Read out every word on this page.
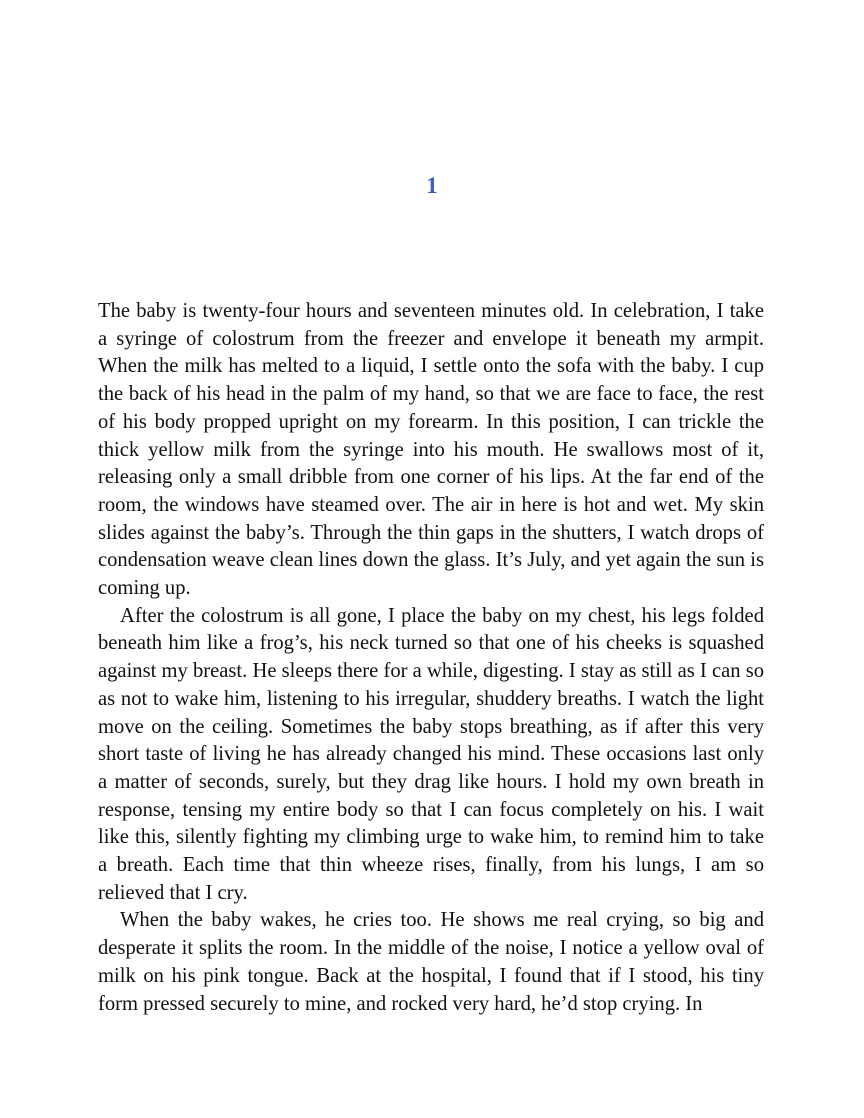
1

The baby is twenty-four hours and seventeen minutes old. In celebration, I take a syringe of colostrum from the freezer and envelope it beneath my armpit. When the milk has melted to a liquid, I settle onto the sofa with the baby. I cup the back of his head in the palm of my hand, so that we are face to face, the rest of his body propped upright on my forearm. In this position, I can trickle the thick yellow milk from the syringe into his mouth. He swallows most of it, releasing only a small dribble from one corner of his lips. At the far end of the room, the windows have steamed over. The air in here is hot and wet. My skin slides against the baby’s. Through the thin gaps in the shutters, I watch drops of condensation weave clean lines down the glass. It’s July, and yet again the sun is coming up.

After the colostrum is all gone, I place the baby on my chest, his legs folded beneath him like a frog’s, his neck turned so that one of his cheeks is squashed against my breast. He sleeps there for a while, digesting. I stay as still as I can so as not to wake him, listening to his irregular, shuddery breaths. I watch the light move on the ceiling. Sometimes the baby stops breathing, as if after this very short taste of living he has already changed his mind. These occasions last only a matter of seconds, surely, but they drag like hours. I hold my own breath in response, tensing my entire body so that I can focus completely on his. I wait like this, silently fighting my climbing urge to wake him, to remind him to take a breath. Each time that thin wheeze rises, finally, from his lungs, I am so relieved that I cry.

When the baby wakes, he cries too. He shows me real crying, so big and desperate it splits the room. In the middle of the noise, I notice a yellow oval of milk on his pink tongue. Back at the hospital, I found that if I stood, his tiny form pressed securely to mine, and rocked very hard, he’d stop crying. In
